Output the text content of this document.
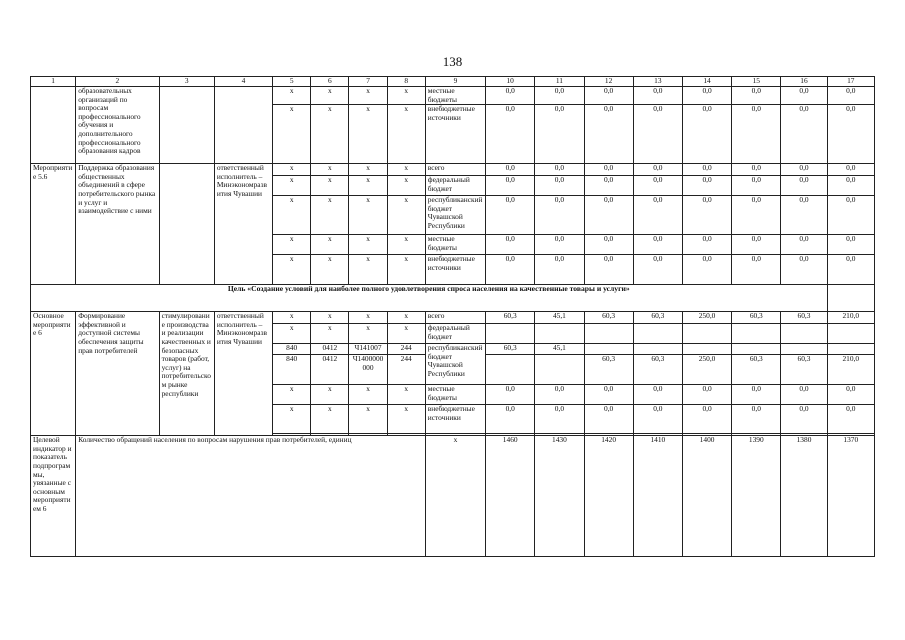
138
1	2	3	4	5	6	7	8	9	10	11	12	13	14	15	16	17
	образовательных организаций по вопросам профессионального обучения и дополнительного профессионального образования кадров			x	x	x	x	местные бюджеты	0,0	0,0	0,0	0,0	0,0	0,0	0,0	0,0
				x	x	x	x	внебюджетные источники	0,0	0,0	0,0	0,0	0,0	0,0	0,0	0,0
Мероприятие 5.6	Поддержка образования общественных объединений в сфере потребительского рынка и услуг и взаимодействие с ними		ответственный исполнитель – Минэкономразвития Чувашии	x	x	x	x	всего	0,0	0,0	0,0	0,0	0,0	0,0	0,0	0,0
				x	x	x	x	федеральный бюджет	0,0	0,0	0,0	0,0	0,0	0,0	0,0	0,0
				x	x	x	x	республиканский бюджет Чувашской Республики	0,0	0,0	0,0	0,0	0,0	0,0	0,0	0,0
				x	x	x	x	местные бюджеты	0,0	0,0	0,0	0,0	0,0	0,0	0,0	0,0
				x	x	x	x	внебюджетные источники	0,0	0,0	0,0	0,0	0,0	0,0	0,0	0,0
Цель «Создание условий для наиболее полного удовлетворения спроса населения на качественные товары и услуги»																
Основное мероприятие 6	Формирование эффективной и доступной системы обеспечения защиты прав потребителей	стимулирование производства и реализации качественных и безопасных товаров (работ, услуг) на потребительском рынке республики	ответственный исполнитель – Минэкономразвития Чувашии	x	x	x	x	всего	60,3	45,1	60,3	60,3	250,0	60,3	60,3	210,0
				x	x	x	x	федеральный бюджет								
				840	0412	Ч141007	244	республиканский бюджет Чувашской Республики	60,3	45,1						
				840	0412	Ч1400000000	244				60,3	60,3	250,0	60,3	60,3	210,0
				x	x	x	x	местные бюджеты	0,0	0,0	0,0	0,0	0,0	0,0	0,0	0,0
				x	x	x	x	внебюджетные источники	0,0	0,0	0,0	0,0	0,0	0,0	0,0	0,0

Целевой индикатор и показатель подпрограммы, увязанные с основным мероприятием 6	Количество обращений населения по вопросам нарушения прав потребителей, единиц							x	1460	1430	1420	1410	1400	1390	1380	1370
